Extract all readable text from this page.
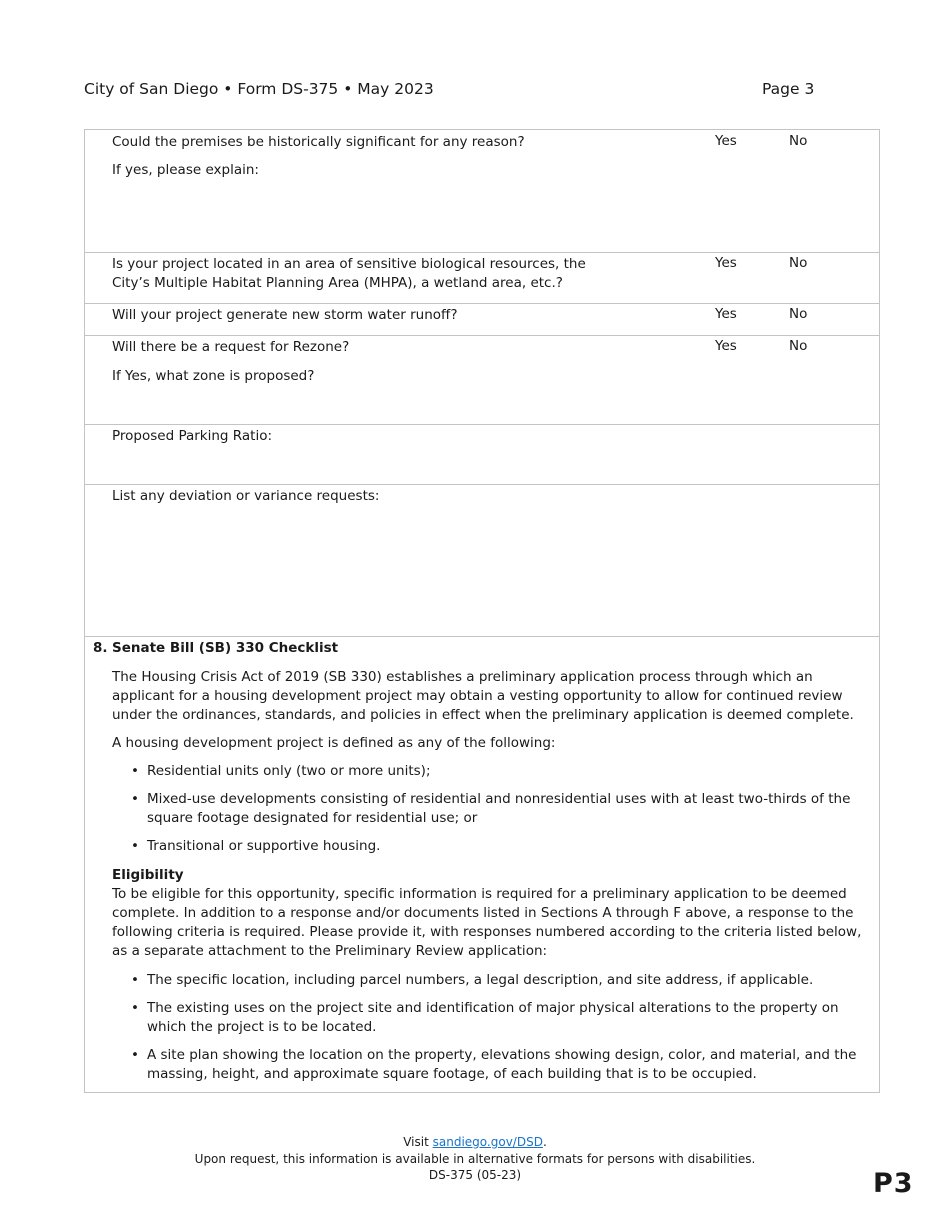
City of San Diego • Form DS-375 • May 2023	Page 3
Could the premises be historically significant for any reason?	Yes	No
If yes, please explain:
Is your project located in an area of sensitive biological resources, the
City’s Multiple Habitat Planning Area (MHPA), a wetland area, etc.?
Yes	No
Will your project generate new storm water runoff?	Yes	No
Will there be a request for Rezone?	Yes	No
If Yes, what zone is proposed?
Proposed Parking Ratio:
List any deviation or variance requests:
8. Senate Bill (SB) 330 Checklist
The Housing Crisis Act of 2019 (SB 330) establishes a preliminary application process through which an applicant for a housing development project may obtain a vesting opportunity to allow for continued review under the ordinances, standards, and policies in effect when the preliminary application is deemed complete.
A housing development project is defined as any of the following:
• Residential units only (two or more units);
• Mixed-use developments consisting of residential and nonresidential uses with at least two-thirds of the square footage designated for residential use; or
• Transitional or supportive housing.
Eligibility
To be eligible for this opportunity, specific information is required for a preliminary application to be deemed complete. In addition to a response and/or documents listed in Sections A through F above, a response to the following criteria is required. Please provide it, with responses numbered according to the criteria listed below, as a separate attachment to the Preliminary Review application:
• The specific location, including parcel numbers, a legal description, and site address, if applicable.
• The existing uses on the project site and identification of major physical alterations to the property on which the project is to be located.
• A site plan showing the location on the property, elevations showing design, color, and material, and the massing, height, and approximate square footage, of each building that is to be occupied.
Visit sandiego.gov/DSD.
Upon request, this information is available in alternative formats for persons with disabilities.
DS-375 (05-23)	P3
